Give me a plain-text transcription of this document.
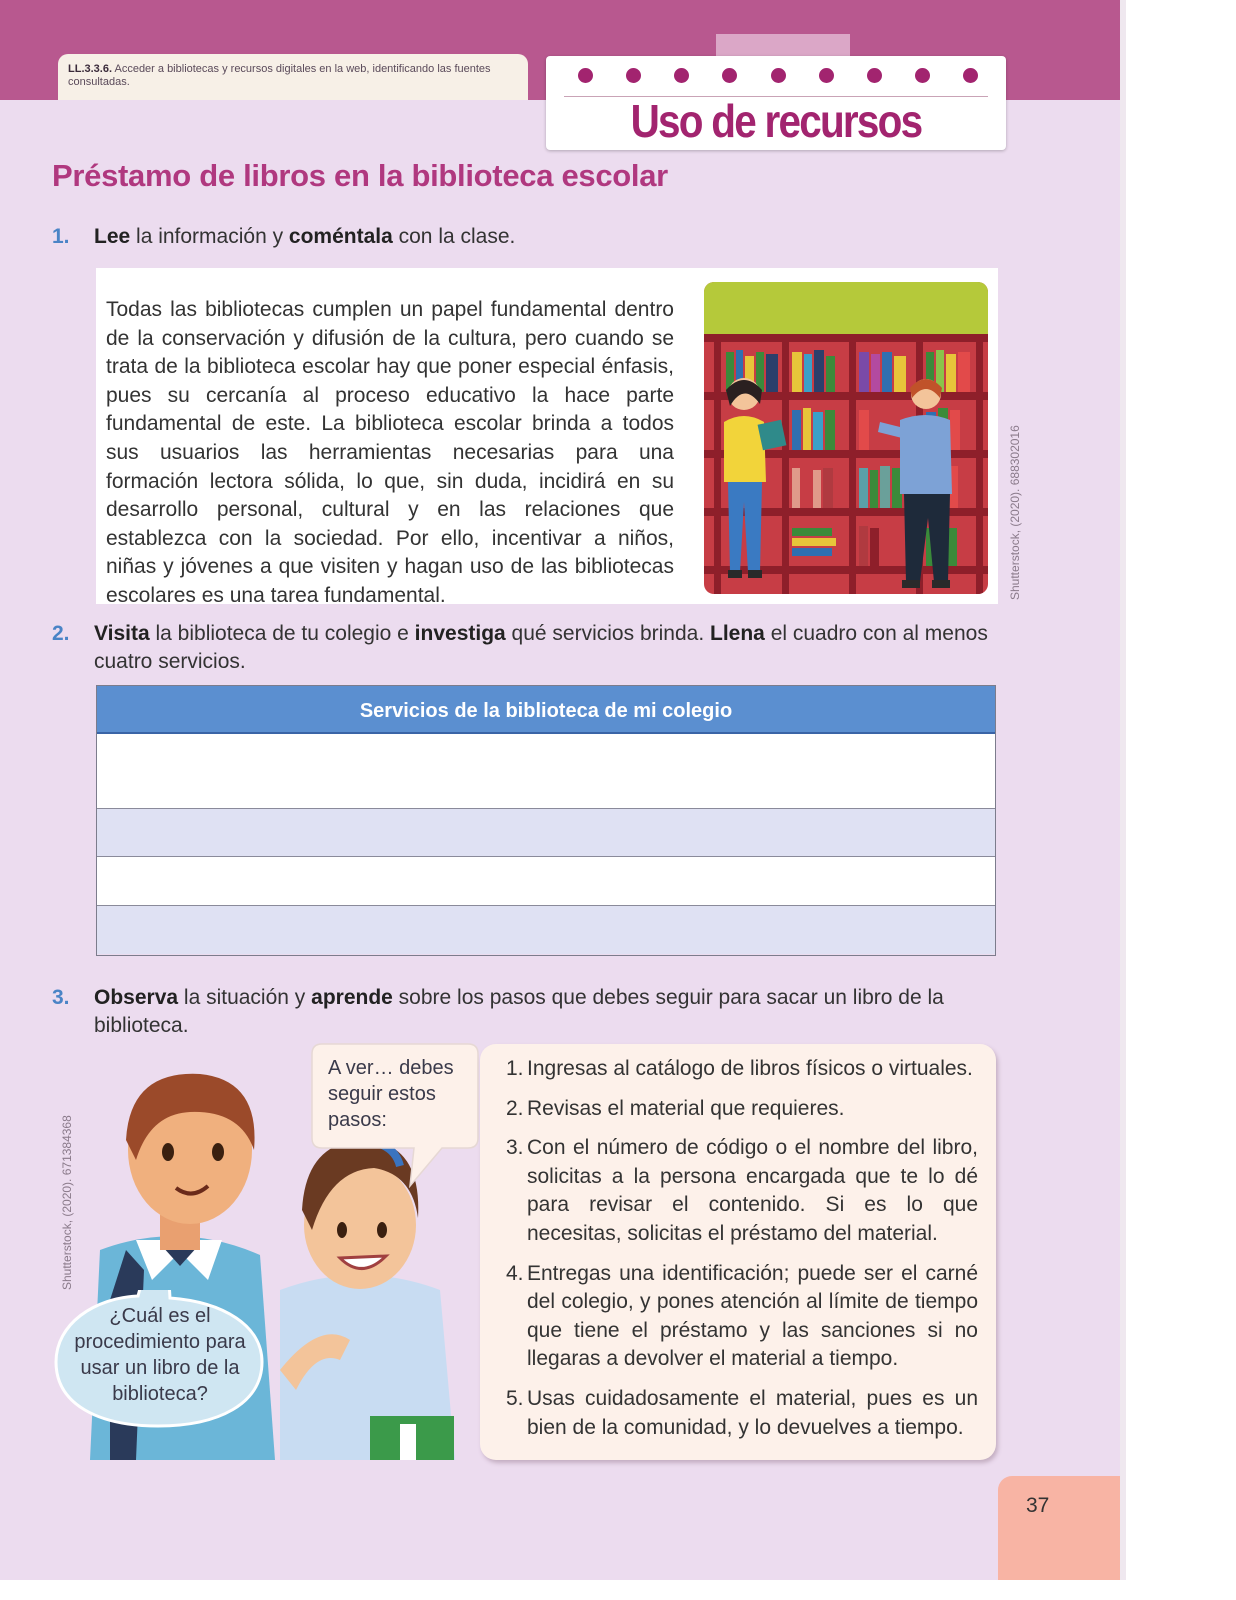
LL.3.3.6. Acceder a bibliotecas y recursos digitales en la web, identificando las fuentes consultadas.
Uso de recursos
Préstamo de libros en la biblioteca escolar
1. Lee la información y coméntala con la clase.

Todas las bibliotecas cumplen un papel fundamental dentro de la conservación y difusión de la cultura, pero cuando se trata de la biblioteca escolar hay que poner especial énfasis, pues su cercanía al proceso educativo la hace parte fundamental de este. La biblioteca escolar brinda a todos sus usuarios las herramientas necesarias para una formación lectora sólida, lo que, sin duda, incidirá en su desarrollo personal, cultural y en las relaciones que establezca con la sociedad. Por ello, incentivar a niños, niñas y jóvenes a que visiten y hagan uso de las bibliotecas escolares es una tarea fundamental.	Shutterstock, (2020). 688302016
2. Visita la biblioteca de tu colegio e investiga qué servicios brinda. Llena el cuadro con al menos
cuatro servicios.
Servicios de la biblioteca de mi colegio
3. Observa la situación y aprende sobre los pasos que debes seguir para sacar un libro de la
biblioteca.
Shutterstock, (2020). 671384368
A ver… debes seguir estos pasos:
¿Cuál es el procedimiento para usar un libro de la biblioteca?
1. Ingresas al catálogo de libros físicos o virtuales.
2. Revisas el material que requieres.
3. Con el número de código o el nombre del libro, solicitas a la persona encargada que te lo dé para revisar el contenido. Si es lo que necesitas, solicitas el préstamo del material.
4. Entregas una identificación; puede ser el carné del colegio, y pones atención al límite de tiempo que tiene el préstamo y las sanciones si no llegaras a devolver el material a tiempo.
5. Usas cuidadosamente el material, pues es un bien de la comunidad, y lo devuelves a tiempo.
37
